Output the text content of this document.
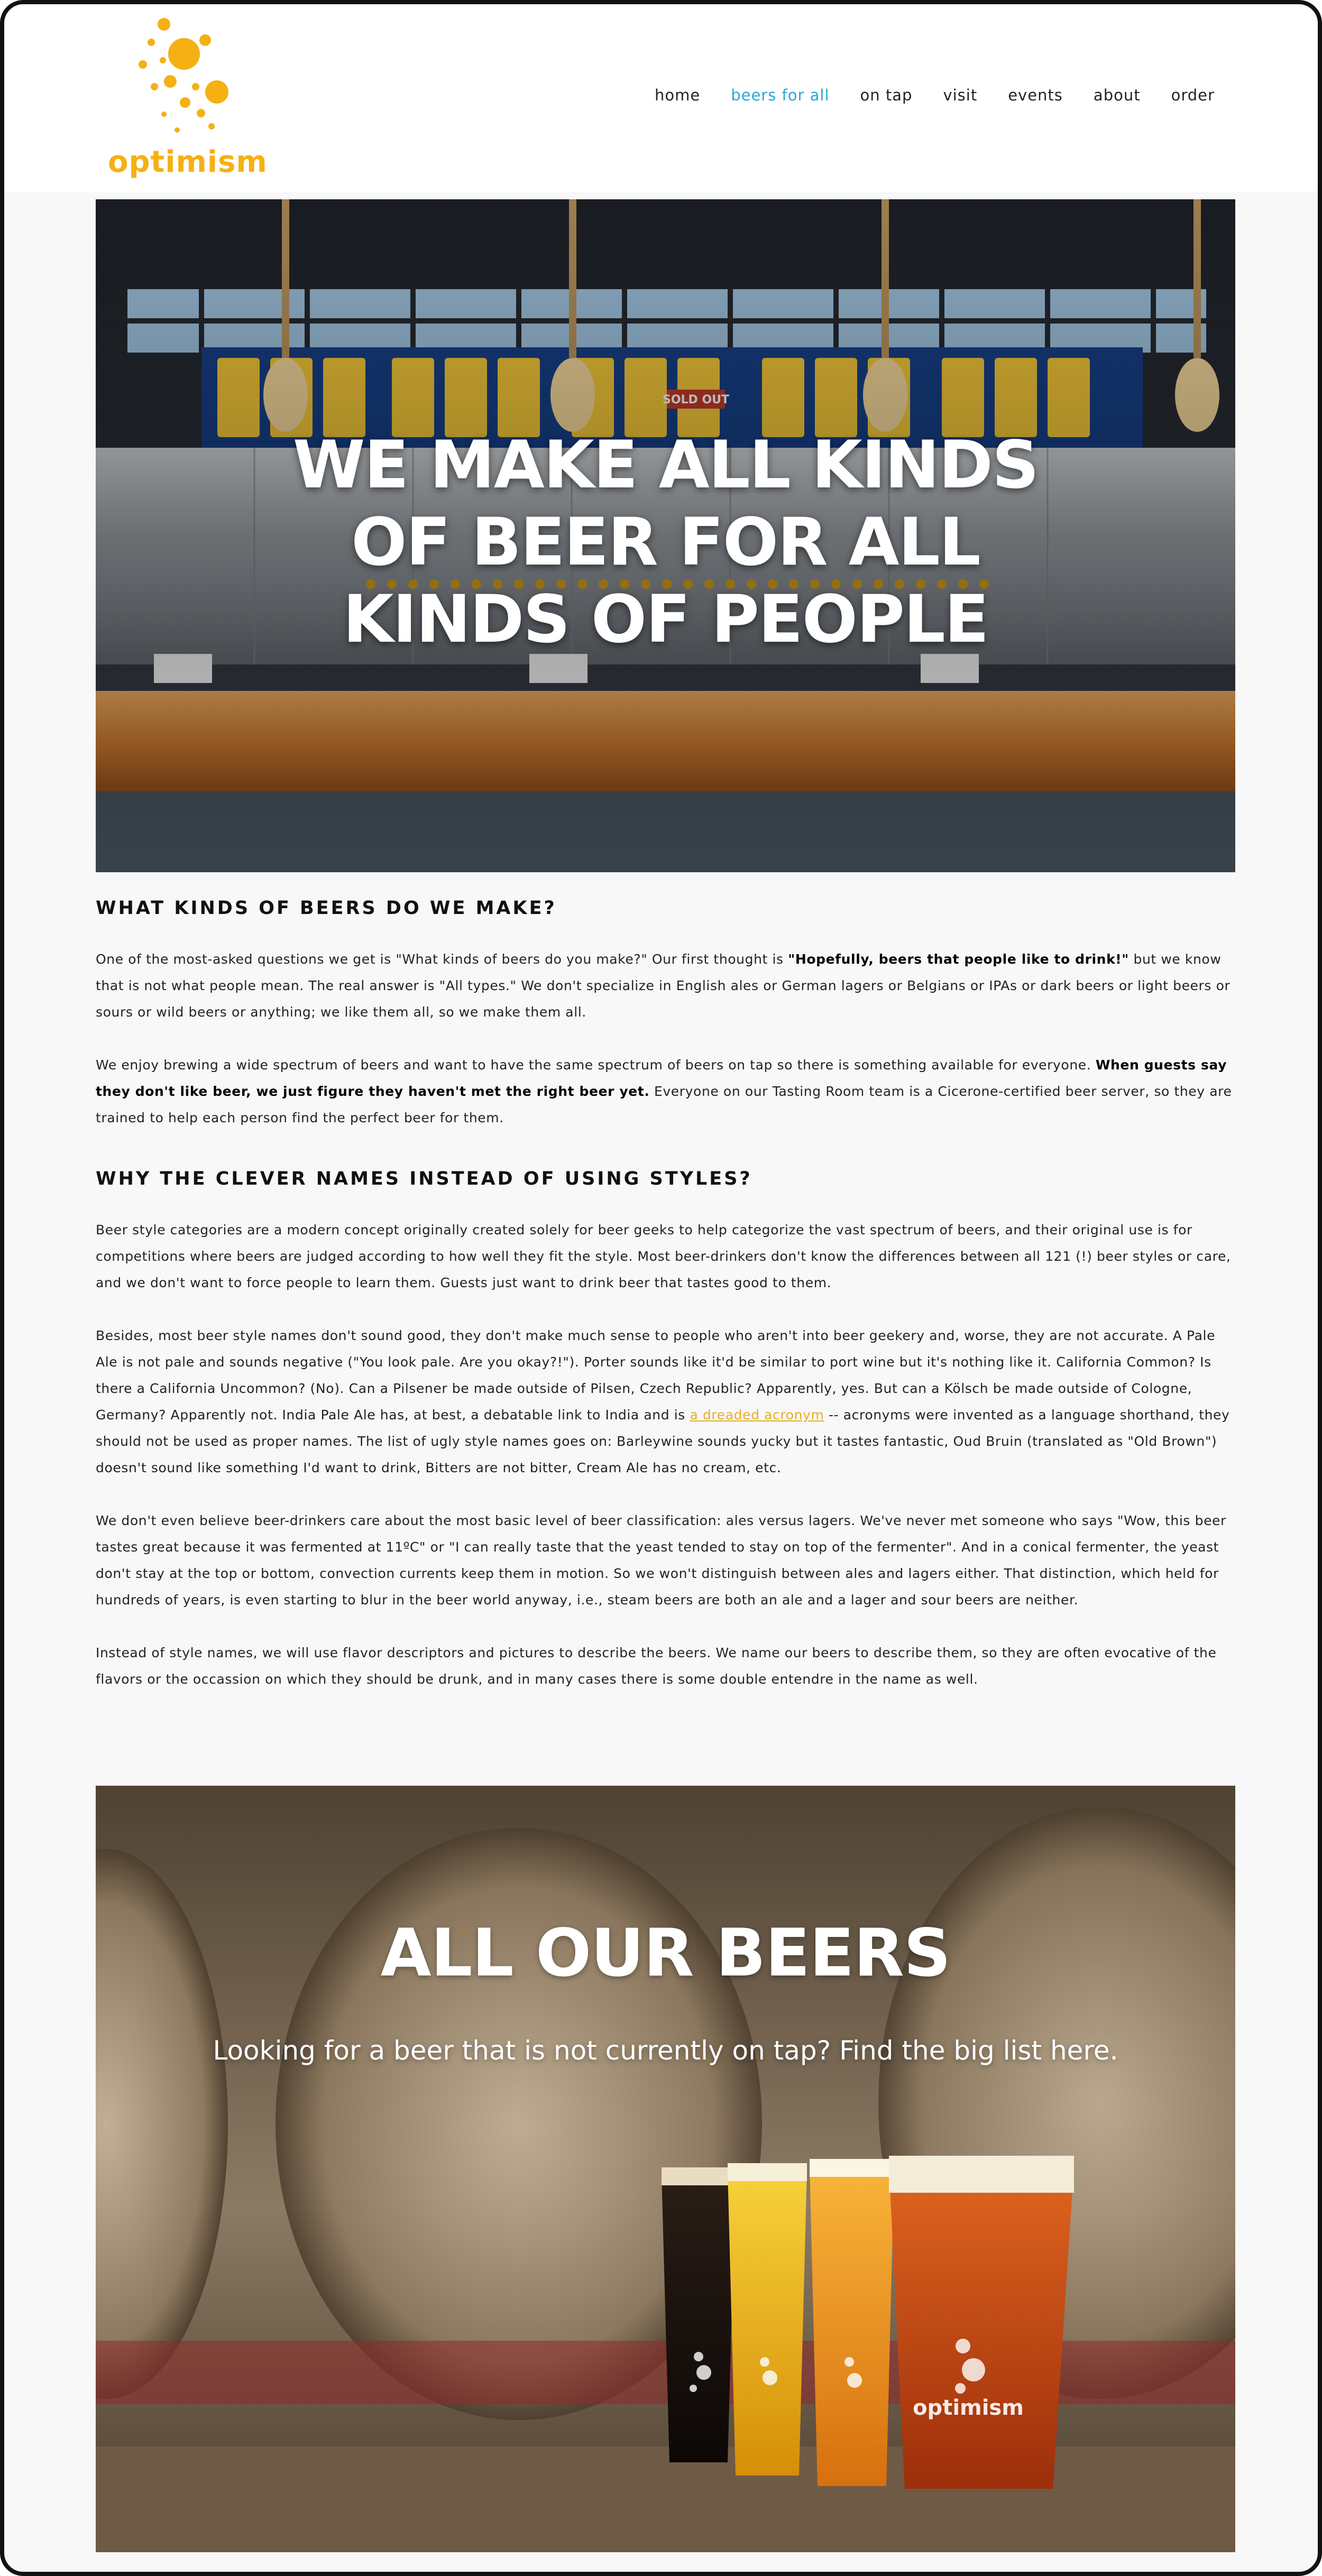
optimism
home beers for all on tap visit events about order
WE MAKE ALL KINDS OF BEER FOR ALL KINDS OF PEOPLE
WHAT KINDS OF BEERS DO WE MAKE?

One of the most-asked questions we get is "What kinds of beers do you make?" Our first thought is "Hopefully, beers that people like to drink!" but we know that is not what people mean. The real answer is "All types." We don't specialize in English ales or German lagers or Belgians or IPAs or dark beers or light beers or sours or wild beers or anything; we like them all, so we make them all.

We enjoy brewing a wide spectrum of beers and want to have the same spectrum of beers on tap so there is something available for everyone. When guests say they don't like beer, we just figure they haven't met the right beer yet. Everyone on our Tasting Room team is a Cicerone-certified beer server, so they are trained to help each person find the perfect beer for them.

WHY THE CLEVER NAMES INSTEAD OF USING STYLES?

Beer style categories are a modern concept originally created solely for beer geeks to help categorize the vast spectrum of beers, and their original use is for competitions where beers are judged according to how well they fit the style. Most beer-drinkers don't know the differences between all 121 (!) beer styles or care, and we don't want to force people to learn them. Guests just want to drink beer that tastes good to them.

Besides, most beer style names don't sound good, they don't make much sense to people who aren't into beer geekery and, worse, they are not accurate. A Pale Ale is not pale and sounds negative ("You look pale. Are you okay?!"). Porter sounds like it'd be similar to port wine but it's nothing like it. California Common? Is there a California Uncommon? (No). Can a Pilsener be made outside of Pilsen, Czech Republic? Apparently, yes. But can a Kölsch be made outside of Cologne, Germany? Apparently not. India Pale Ale has, at best, a debatable link to India and is a dreaded acronym -- acronyms were invented as a language shorthand, they should not be used as proper names. The list of ugly style names goes on: Barleywine sounds yucky but it tastes fantastic, Oud Bruin (translated as "Old Brown") doesn't sound like something I'd want to drink, Bitters are not bitter, Cream Ale has no cream, etc.

We don't even believe beer-drinkers care about the most basic level of beer classification: ales versus lagers. We've never met someone who says "Wow, this beer tastes great because it was fermented at 11ºC" or "I can really taste that the yeast tended to stay on top of the fermenter". And in a conical fermenter, the yeast don't stay at the top or bottom, convection currents keep them in motion. So we won't distinguish between ales and lagers either. That distinction, which held for hundreds of years, is even starting to blur in the beer world anyway, i.e., steam beers are both an ale and a lager and sour beers are neither.

Instead of style names, we will use flavor descriptors and pictures to describe the beers. We name our beers to describe them, so they are often evocative of the flavors or the occassion on which they should be drunk, and in many cases there is some double entendre in the name as well.

optimism
ALL OUR BEERS
Looking for a beer that is not currently on tap? Find the big list here.
